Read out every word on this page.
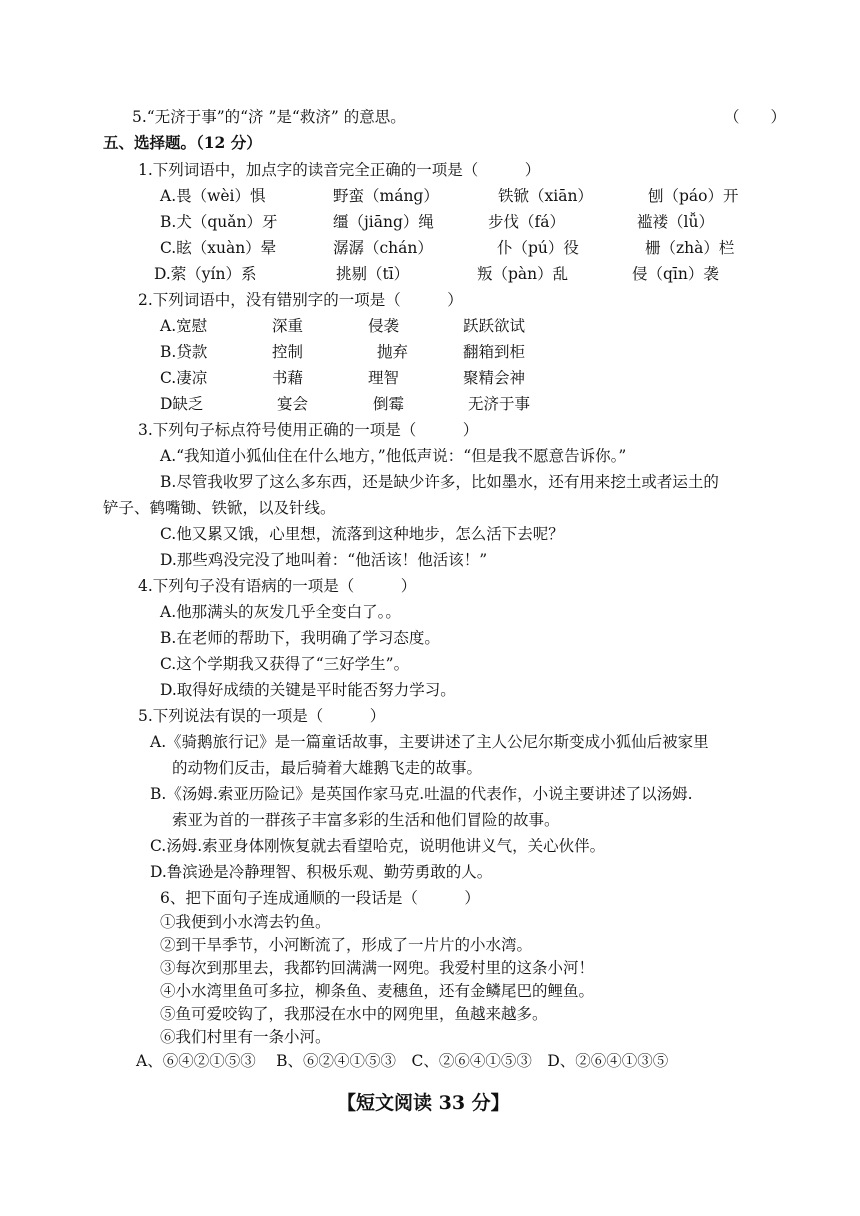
5.“无济于事”的“济 ”是“救济” 的意思。	（　　）
五、选择题。（12 分）
1.下列词语中，加点字的读音完全正确的一项是（　　　）
A.畏（wèi）惧	野蛮（mánɡ）	铁锨（xiān）	刨（páo）开
B.犬（quǎn）牙	缰（jiāng）绳	步伐（fá）	褴褛（lǚ）
C.眩（xuàn）晕	潺潺（chán）	仆（pú）役	栅（zhà）栏
D.萦（yín）系	挑剔（tī）	叛（pàn）乱	侵（qīn）袭
2.下列词语中，没有错别字的一项是（　　　）
A.宽慰	深重	侵袭	跃跃欲试
B.贷款	控制	抛弃	翻箱到柜
C.凄凉	书藉	理智	聚精会神
D缺乏	宴会	倒霉	无济于事
3.下列句子标点符号使用正确的一项是（　　　）
A.“我知道小狐仙住在什么地方，”他低声说：“但是我不愿意告诉你。”
B.尽管我收罗了这么多东西，还是缺少许多，比如墨水，还有用来挖土或者运土的
铲子、鹤嘴锄、铁锨，以及针线。
C.他又累又饿，心里想，流落到这种地步，怎么活下去呢？
D.那些鸡没完没了地叫着：“他活该！他活该！”
4.下列句子没有语病的一项是（　　　）
A.他那满头的灰发几乎全变白了。。
B.在老师的帮助下，我明确了学习态度。
C.这个学期我又获得了“三好学生”。
D.取得好成绩的关键是平时能否努力学习。
5.下列说法有误的一项是（　　　）
A.《骑鹅旅行记》是一篇童话故事，主要讲述了主人公尼尔斯变成小狐仙后被家里
的动物们反击，最后骑着大雄鹅飞走的故事。
B.《汤姆.索亚历险记》是英国作家马克.吐温的代表作，小说主要讲述了以汤姆.
索亚为首的一群孩子丰富多彩的生活和他们冒险的故事。
C.汤姆.索亚身体刚恢复就去看望哈克，说明他讲义气，关心伙伴。
D.鲁滨逊是冷静理智、积极乐观、勤劳勇敢的人。
6、把下面句子连成通顺的一段话是（　　　）
①我便到小水湾去钓鱼。
②到干旱季节，小河断流了，形成了一片片的小水湾。
③每次到那里去，我都钓回满满一网兜。我爱村里的这条小河！
④小水湾里鱼可多拉，柳条鱼、麦穗鱼，还有金鳞尾巴的鲤鱼。
⑤鱼可爱咬钩了，我那浸在水中的网兜里，鱼越来越多。
⑥我们村里有一条小河。
A、⑥④②①⑤③　 B、⑥②④①⑤③　C、②⑥④①⑤③　D、②⑥④①③⑤
【短文阅读 33 分】
